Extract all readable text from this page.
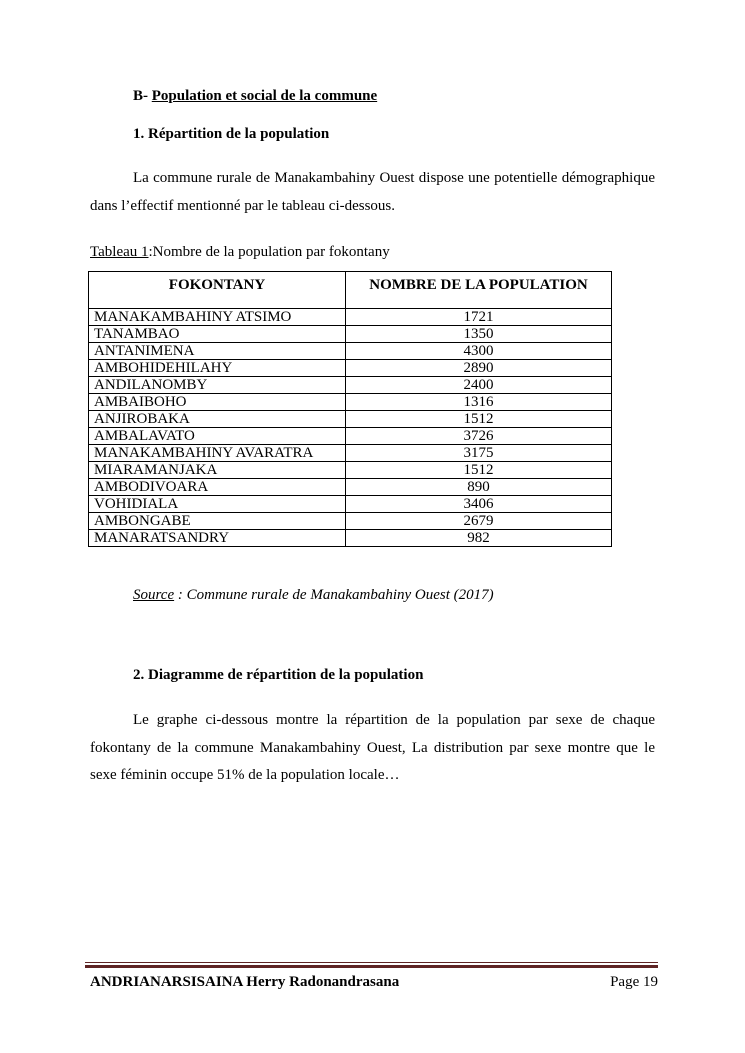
B- Population et social de la commune
1. Répartition de la population

La commune rurale de Manakambahiny Ouest dispose une potentielle démographique dans l’effectif mentionné par le tableau ci-dessous.

Tableau 1:Nombre de la population par fokontany
FOKONTANY	NOMBRE DE LA POPULATION
MANAKAMBAHINY ATSIMO	1721
TANAMBAO	1350
ANTANIMENA	4300
AMBOHIDEHILAHY	2890
ANDILANOMBY	2400
AMBAIBOHO	1316
ANJIROBAKA	1512
AMBALAVATO	3726
MANAKAMBAHINY AVARATRA	3175
MIARAMANJAKA	1512
AMBODIVOARA	890
VOHIDIALA	3406
AMBONGABE	2679
MANARATSANDRY	982
Source : Commune rurale de Manakambahiny Ouest (2017)
2. Diagramme de répartition de la population

Le graphe ci-dessous montre la répartition de la population par sexe de chaque fokontany de la commune Manakambahiny Ouest, La distribution par sexe montre que le sexe féminin occupe 51% de la population locale…

ANDRIANARSISAINA Herry Radonandrasana	Page 19
